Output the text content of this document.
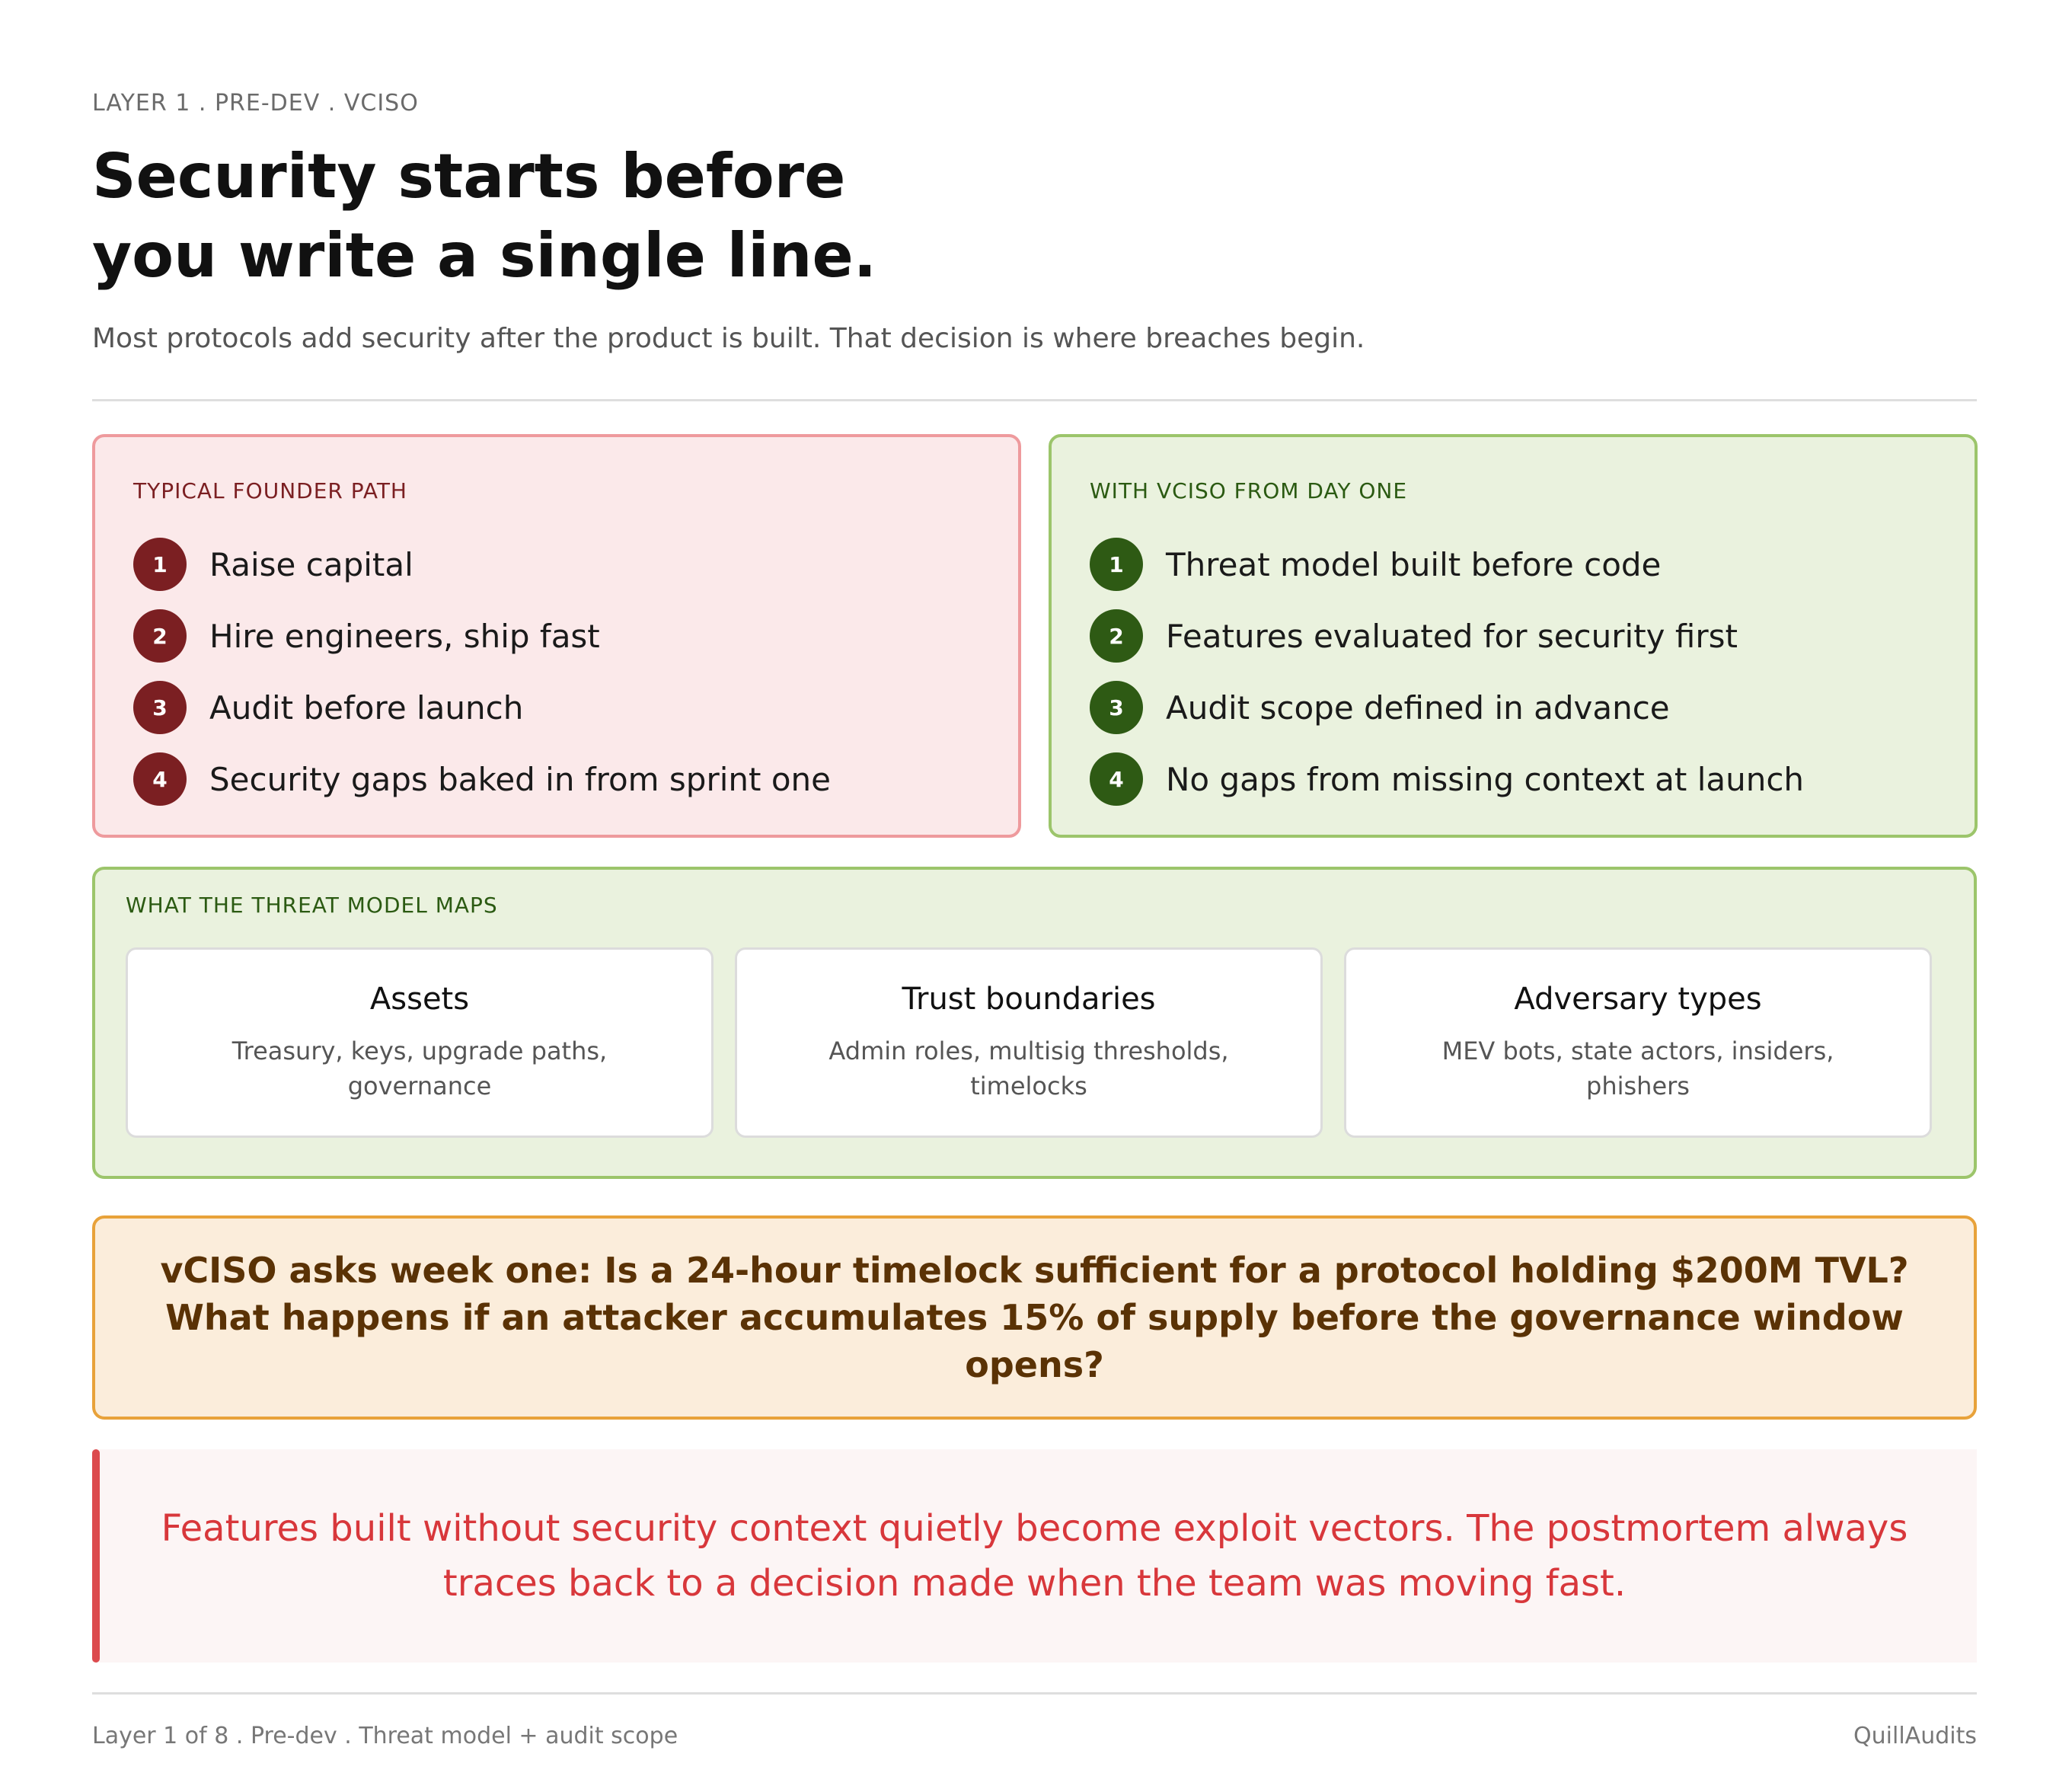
LAYER 1 . PRE-DEV . VCISO
Security starts before
you write a single line.
Most protocols add security after the product is built. That decision is where breaches begin.
TYPICAL FOUNDER PATH
1	Raise capital
2	Hire engineers, ship fast
3	Audit before launch
4	Security gaps baked in from sprint one
WITH VCISO FROM DAY ONE
1	Threat model built before code
2	Features evaluated for security first
3	Audit scope defined in advance
4	No gaps from missing context at launch
WHAT THE THREAT MODEL MAPS
Assets
Treasury, keys, upgrade paths, governance
Trust boundaries
Admin roles, multisig thresholds, timelocks
Adversary types
MEV bots, state actors, insiders, phishers
vCISO asks week one: Is a 24-hour timelock sufficient for a protocol holding $200M TVL? What happens if an attacker accumulates 15% of supply before the governance window opens?
Features built without security context quietly become exploit vectors. The postmortem always traces back to a decision made when the team was moving fast.
Layer 1 of 8 . Pre-dev . Threat model + audit scope	QuillAudits
